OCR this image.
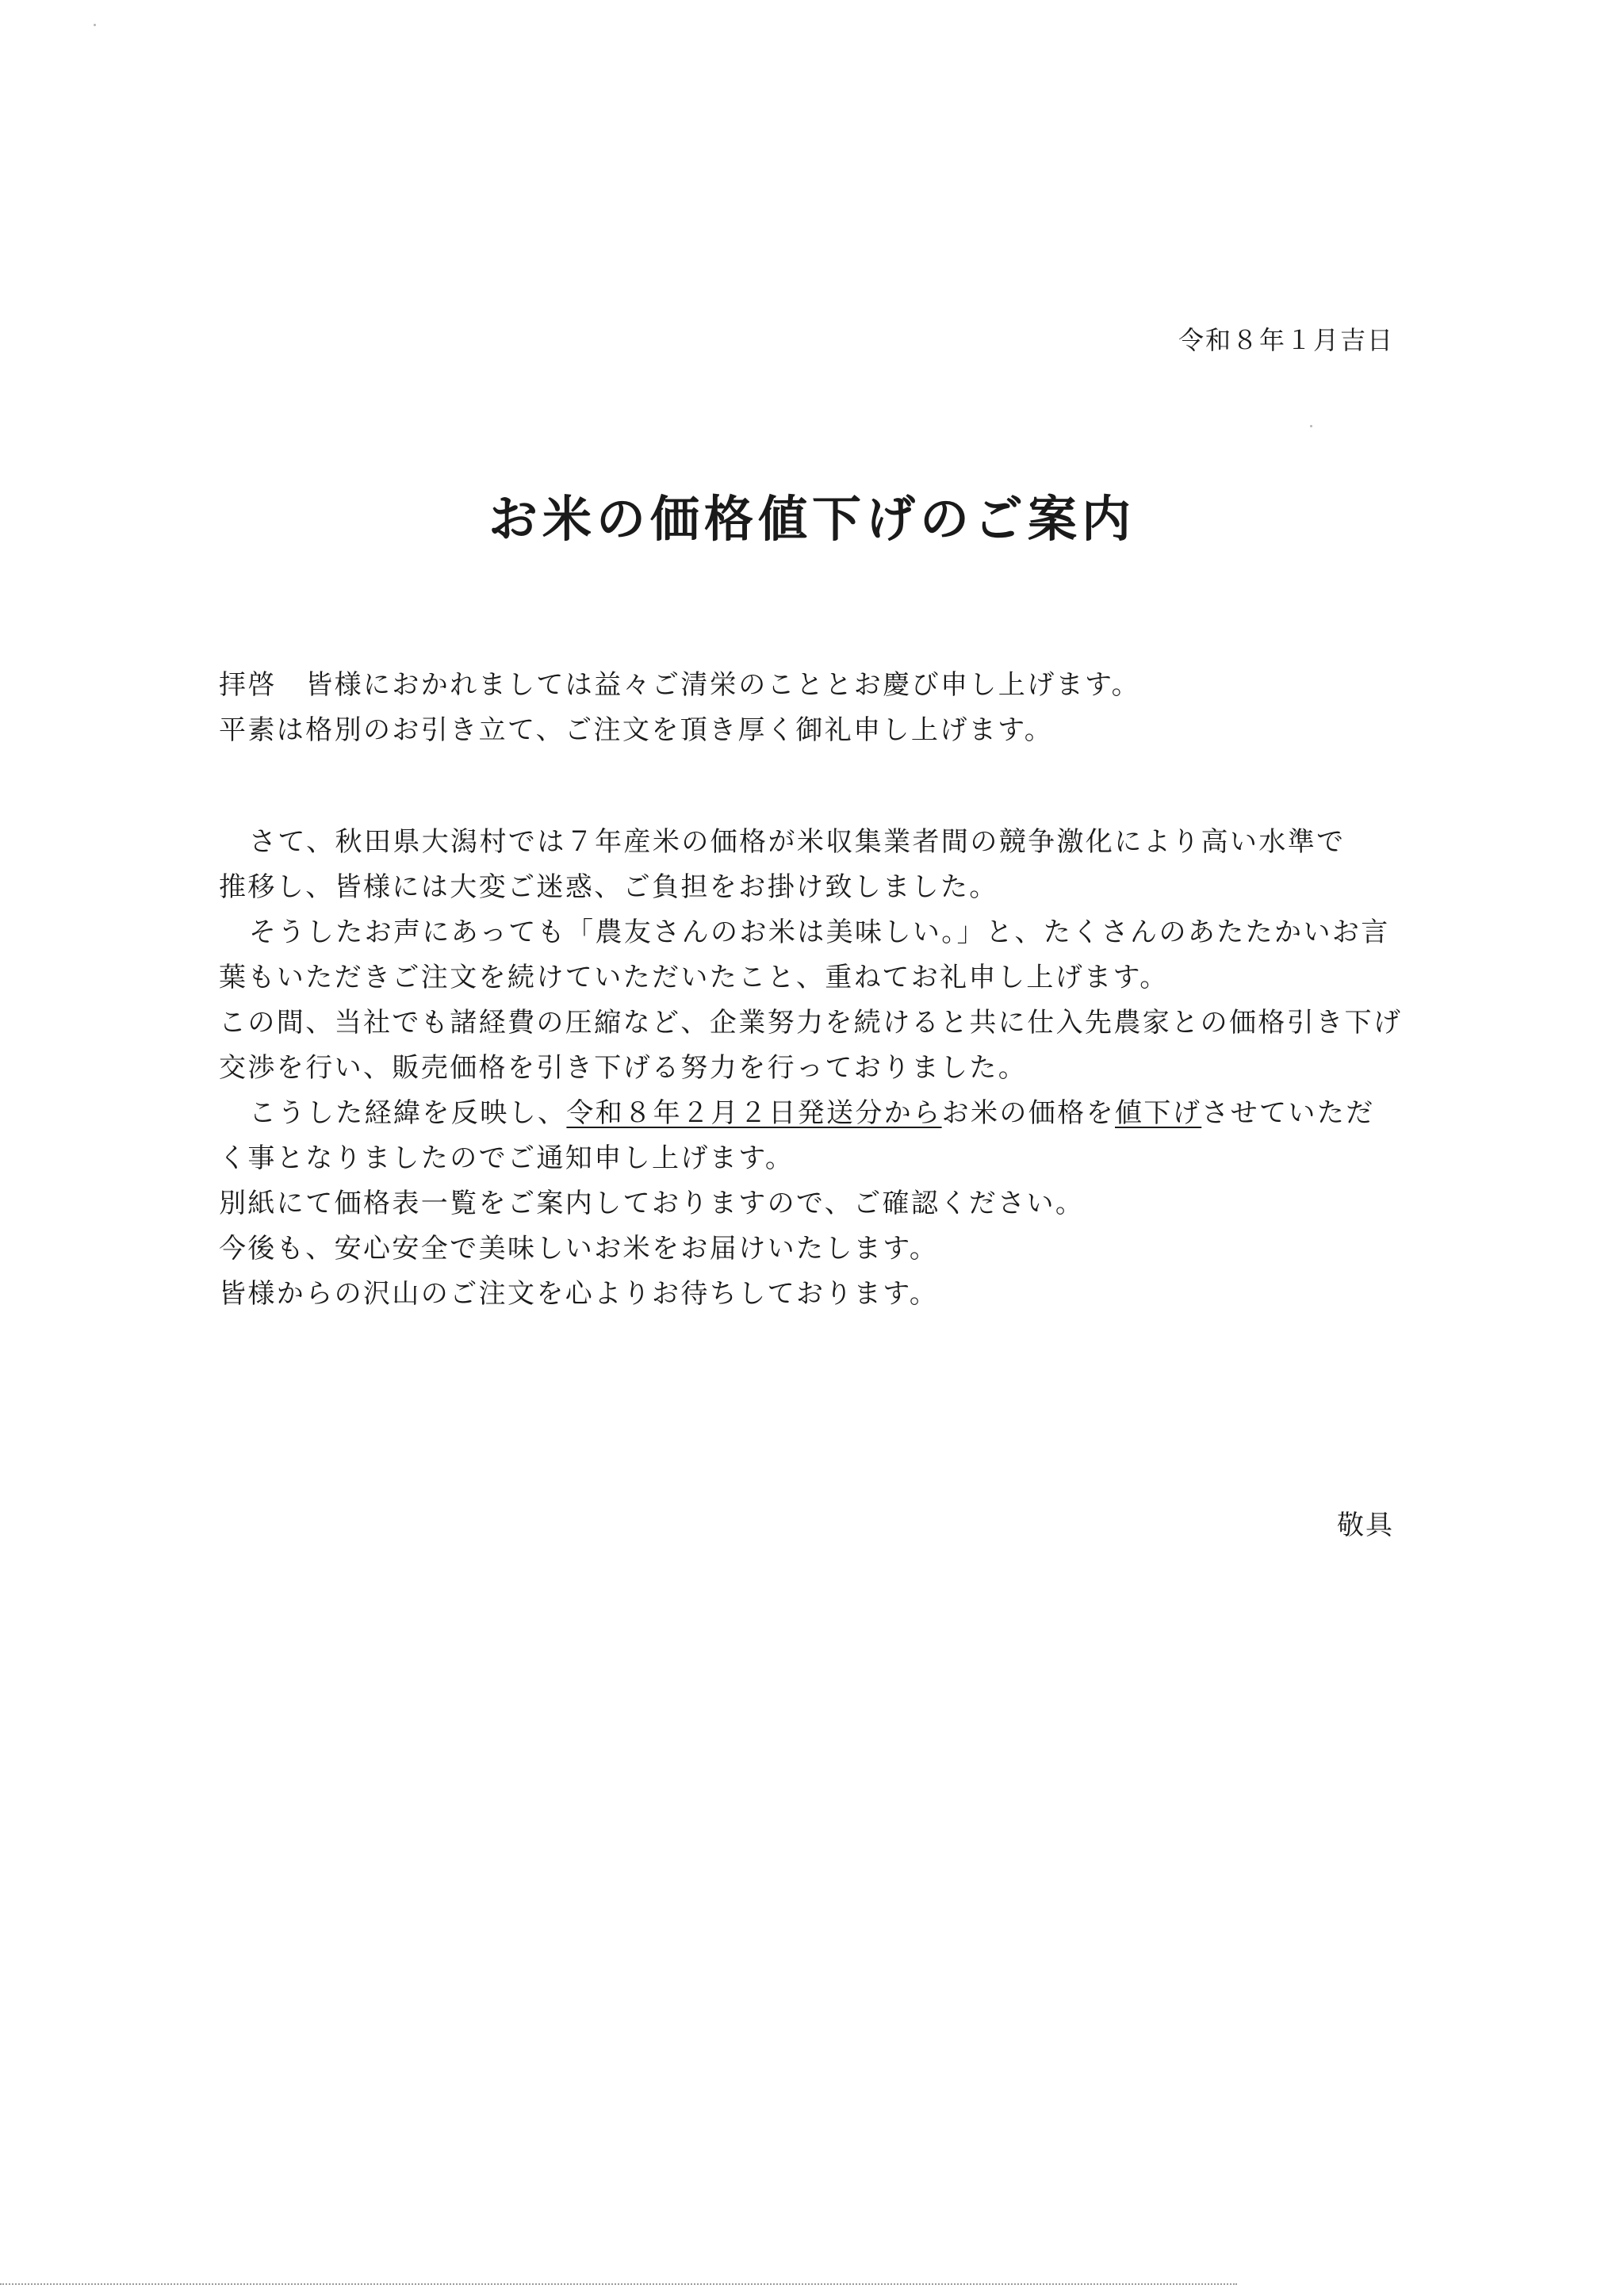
令和８年１月吉日
お米の価格値下げのご案内
拝啓　皆様におかれましては益々ご清栄のこととお慶び申し上げます。
平素は格別のお引き立て、ご注文を頂き厚く御礼申し上げます。
さて、秋田県大潟村では７年産米の価格が米収集業者間の競争激化により高い水準で
推移し、皆様には大変ご迷惑、ご負担をお掛け致しました。
そうしたお声にあっても「農友さんのお米は美味しい。」と、たくさんのあたたかいお言
葉もいただきご注文を続けていただいたこと、重ねてお礼申し上げます。
この間、当社でも諸経費の圧縮など、企業努力を続けると共に仕入先農家との価格引き下げ
交渉を行い、販売価格を引き下げる努力を行っておりました。
こうした経緯を反映し、令和８年２月２日発送分からお米の価格を値下げさせていただ
く事となりましたのでご通知申し上げます。
別紙にて価格表一覧をご案内しておりますので、ご確認ください。
今後も、安心安全で美味しいお米をお届けいたします。
皆様からの沢山のご注文を心よりお待ちしております。
敬具
